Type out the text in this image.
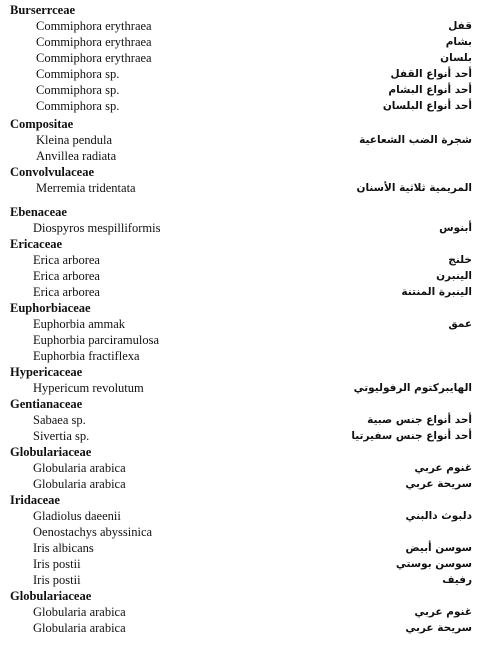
Burserrceae
Commiphora erythraea	قفل
Commiphora erythraea	بشام
Commiphora erythraea	بلسان
Commiphora sp.	أحد أنواع القفل
Commiphora sp.	أحد أنواع البشام
Commiphora sp.	أحد أنواع البلسان
Compositae
Kleina pendula	شجرة الضب الشعاعية
Anvillea radiata
Convolvulaceae
Merremia tridentata	المريمية ثلاثية الأسنان
Ebenaceae
Diospyros mespilliformis	أبنوس
Ericaceae
Erica arborea	خلنج
Erica arborea	الينبرن
Erica arborea	الينبرة المنتنة
Euphorbiaceae
Euphorbia ammak	عمق
Euphorbia parciramulosa
Euphorbia fractiflexa
Hypericaceae
Hypericum revolutum	الهايبركتوم الرفوليوتي
Gentianaceae
Sabaea sp.	أحد أنواع جنس صبية
Sivertia sp.	أحد أنواع جنس سفيرتيا
Globulariaceae
Globularia arabica	غنوم عربي
Globularia arabica	سريحة عربي
Iridaceae
Gladiolus daeenii	دلبوث دالبني
Oenostachys abyssinica
Iris albicans	سوسن أبيض
Iris postii	سوسن بوستي
Iris postii	رفيف
Globulariaceae
Globularia arabica	غنوم عربي
Globularia arabica	سريحة عربي
